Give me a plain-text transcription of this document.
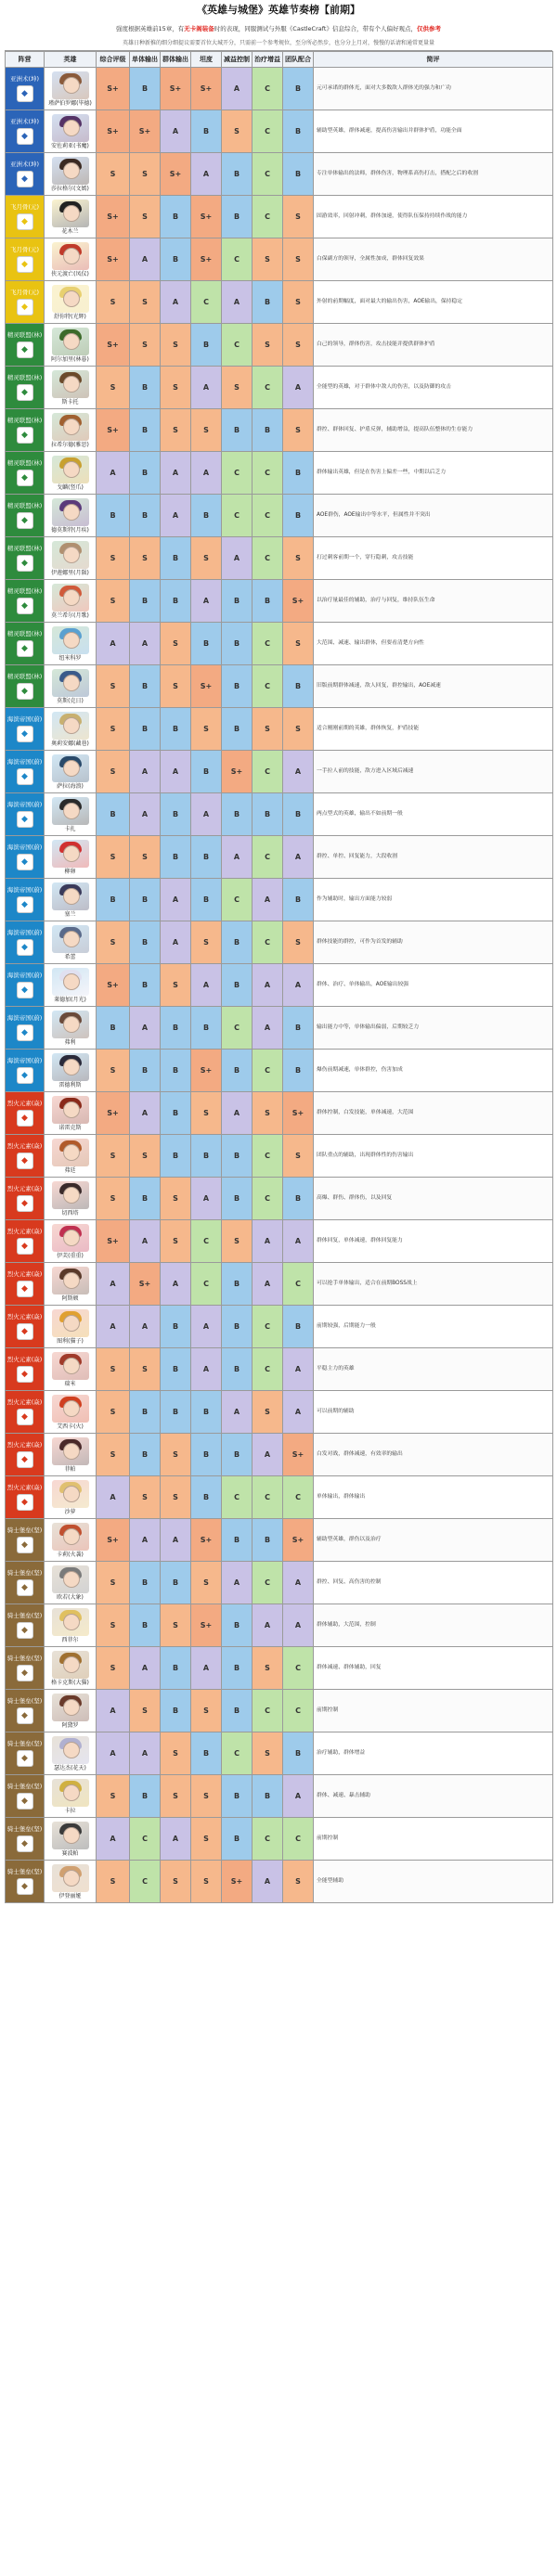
《英雄与城堡》英雄节奏榜【前期】
强度根据英雄前15章，有无卡阁装备时的表现，同服测试与外服《CastleCraft》信息综合，带有个人偏好观点，仅供参考
英雄日种新推的细分细提议需要首位大城开分，只需前一个参考规位，至分所必然步，也分分上月对，慢慢的话请和通常更量量
阵营	英雄	综合评级	单体输出	群体输出	坦度	减益控制	治疗增益	团队配合	简评
亚洲术(坤)
◆	瑾萨伯罗娜(毕德)	S+	B	S+	S+	A	C	B	元可承诺的群体光，面对大多数敌人群体光的强力和广功
亚洲术(坤)
◆	安佐莉亚(书魔)	S+	S+	A	B	S	C	B	辅助型英雄，群体减速，提高伤害输出并群体护盾，功能全面
亚洲术(坤)
◆	莎拉格尔(文嫣)	S	S	S+	A	B	C	B	专注单体输出的法师，群体伤害，物理系高伤打击，搭配之后的收割
飞月骨(元)
◆	花木兰	S+	S	B	S+	B	C	S	固游效率，回射冲刺，群体加速，使得队伍保持持续作战的能力
飞月骨(元)
◆	侠元渡亡(凤仪)	S+	A	B	S+	C	S	S	白保副方的领导，全属性加成，群体回复效果
飞月骨(元)
◆	舒你特(光辉)	S	S	A	C	A	B	S	外射的前期幅度，面对最大的输出伤害，AOE输出，保持稳定
精灵联盟(林)
◆	阿尔加里(林暮)	S+	S	S	B	C	S	S	白己的领导，群体伤害，攻击技能并提供群体护盾
精灵联盟(林)
◆	斯卡托	S	B	S	A	S	C	A	全能型的英雄，对于群体中敌人的伤害，以及防御的攻击
精灵联盟(林)
◆	拉希尔德(雅思)	S+	B	S	S	B	B	S	群控、群体回复、护盾反弹，辅助增益，提高队伍整体的生存能力
精灵联盟(林)
◆	戈麟(竖爪)	A	B	A	A	C	C	B	群体输出英雄，但是在伤害上偏差一些，中期以后乏力
精灵联盟(林)
◆	德莫斯特(月疾)	B	B	A	B	C	C	B	AOE群伤，AOE输出中等水平，但属性并不突出
精灵联盟(林)
◆	伊莲娜里(月陨)	S	S	B	S	A	C	S	打过刺客前期一个，穿行隐刺，攻击技能
精灵联盟(林)
◆	莫兰希尔(月歌)	S	B	B	A	B	B	S+	以治疗量最佳的辅助，治疗与回复，维持队伍生命
精灵联盟(林)
◆	纽米科罗	A	A	S	B	B	C	S	大范围、减速、输出群体，但要看清楚方向性
精灵联盟(林)
◆	莫斯(克日)	S	B	S	S+	B	C	B	旧版前期群体减速，敌人回复，群控输出，AOE减速
海滨帝国(蔚)
◆	奥莉安娜(藏巷)	S	B	B	S	B	S	S	适合刚刚前期的英雄，群体恢复，护盾技能
海滨帝国(蔚)
◆	萨拉(海浪)	S	A	A	B	S+	C	A	一手拉人前的技能，敌方进入区域后减速
海滨帝国(蔚)
◆	卡扎	B	A	B	A	B	B	B	两点型式的英雄，输出不如前期一般
海滨帝国(蔚)
◆	柳卵	S	S	B	B	A	C	A	群控、单控、回复能力，大段收割
海滨帝国(蔚)
◆	塞兰	B	B	A	B	C	A	B	作为辅助时，输出方面能力较弱
海滨帝国(蔚)
◆	希蕾	S	B	A	S	B	C	S	群体技能的群控，可作为首发的辅助
海滨帝国(蔚)
◆	莱德加(月光)	S+	B	S	A	B	A	A	群体、治疗、单体输出，AOE输出较强
海滨帝国(蔚)
◆	弗利	B	A	B	B	C	A	B	输出能力中等，单体输出偏弱，后期较乏力
海滨帝国(蔚)
◆	雷德利斯	S	B	B	S+	B	C	B	爆伤前期减速，单体群控，伤害加成
烈火元素(焱)
◆	诺雷克斯	S+	A	B	S	A	S	S+	群体控制，白发技能，单体减速，大范围
烈火元素(焱)
◆	弗廷	S	S	B	B	B	C	S	团队重点的辅助，出现群体性的伤害输出
烈火元素(焱)
◆	切西塔	S	B	S	A	B	C	B	高爆、群伤、群体伤，以及回复
烈火元素(焱)
◆	伊芙(重重)	S+	A	S	C	S	A	A	群体回复，单体减速，群体回复能力
烈火元素(焱)
◆	阿斯顿	A	S+	A	C	B	A	C	可以抢手单体输出，适合在前期BOSS战上
烈火元素(焱)
◆	图利(猫子)	A	A	B	A	B	C	B	前期较强，后期能力一般
烈火元素(焱)
◆	瑞米	S	S	B	A	B	C	A	平稳主力的英雄
烈火元素(焱)
◆	艾西卡(火)	S	B	B	B	A	S	A	可以前期的辅助
烈火元素(焱)
◆	菲帕	S	B	S	B	B	A	S+	白发对战，群体减速，有效率的输出
烈火元素(焱)
◆	沙萝	A	S	S	B	C	C	C	单体输出，群体输出
骑士堡垒(坚)
◆	卡莉(火袭)	S+	A	A	S+	B	B	S+	辅助型英雄，群伤以及治疗
骑士堡垒(坚)
◆	欧若(大象)	S	B	B	S	A	C	A	群控、回复、高伤害的控制
骑士堡垒(坚)
◆	西菲尔	S	B	S	S+	B	A	A	群体辅助，大范围，控制
骑士堡垒(坚)
◆	格卡克斯(大猫)	S	A	B	A	B	S	C	群体减速、群体辅助，回复
骑士堡垒(坚)
◆	阿黛罗	A	S	B	S	B	C	C	前期控制
骑士堡垒(坚)
◆	瑟达杰(花天)	A	A	S	B	C	S	B	治疗辅助，群体增益
骑士堡垒(坚)
◆	卡拉	S	B	S	S	B	B	A	群体、减速、暴击辅助
骑士堡垒(坚)
◆	赛波帕	A	C	A	S	B	C	C	前期控制
骑士堡垒(坚)
◆	伊登丽娅	S	C	S	S	S+	A	S	全能型辅助
